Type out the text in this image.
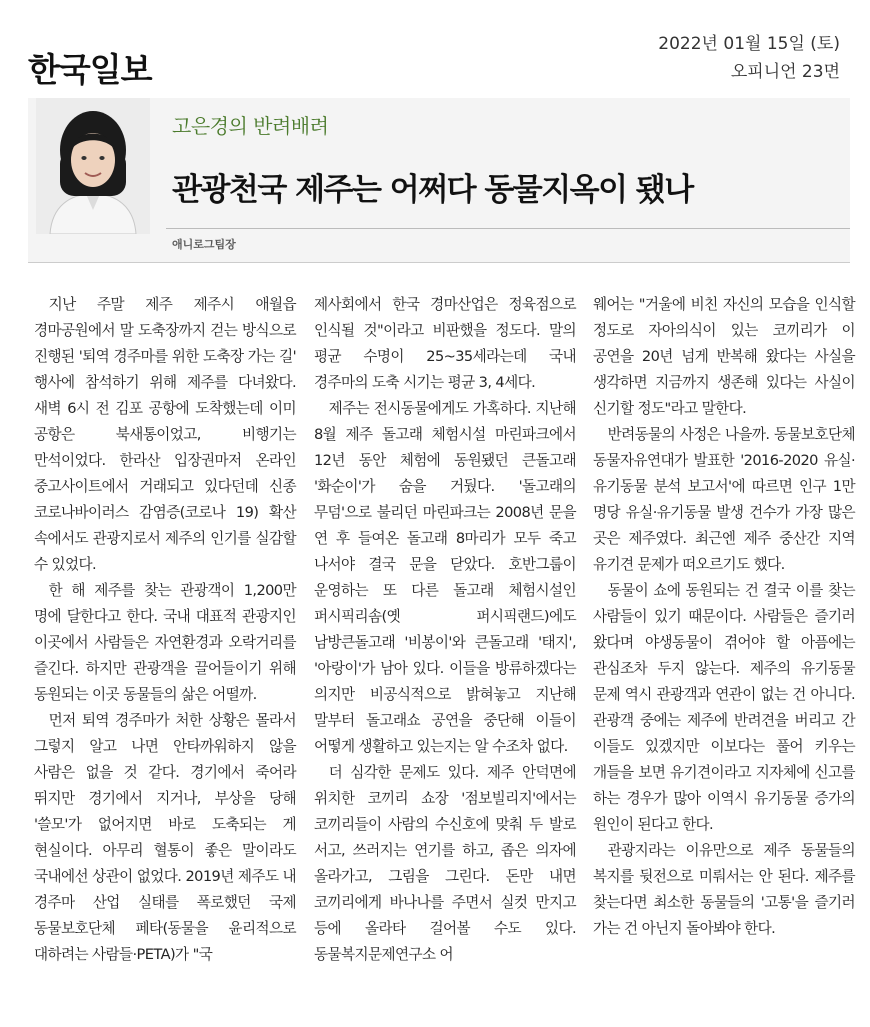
한국일보
2022년 01월 15일 (토)
오피니언 23면
고은경의 반려배려
관광천국 제주는 어쩌다 동물지옥이 됐나
애니로그팀장

지난 주말 제주 제주시 애월읍 경마공원에서 말 도축장까지 걷는 방식으로 진행된 '퇴역 경주마를 위한 도축장 가는 길' 행사에 참석하기 위해 제주를 다녀왔다. 새벽 6시 전 김포 공항에 도착했는데 이미 공항은 북새통이었고, 비행기는 만석이었다. 한라산 입장권마저 온라인 중고사이트에서 거래되고 있다던데 신종 코로나바이러스 감염증(코로나 19) 확산 속에서도 관광지로서 제주의 인기를 실감할 수 있었다.

한 해 제주를 찾는 관광객이 1,200만 명에 달한다고 한다. 국내 대표적 관광지인 이곳에서 사람들은 자연환경과 오락거리를 즐긴다. 하지만 관광객을 끌어들이기 위해 동원되는 이곳 동물들의 삶은 어떨까.

먼저 퇴역 경주마가 처한 상황은 몰라서 그렇지 알고 나면 안타까워하지 않을 사람은 없을 것 같다. 경기에서 죽어라 뛰지만 경기에서 지거나, 부상을 당해 '쓸모'가 없어지면 바로 도축되는 게 현실이다. 아무리 혈통이 좋은 말이라도 국내에선 상관이 없었다. 2019년 제주도 내 경주마 산업 실태를 폭로했던 국제 동물보호단체 페타(동물을 윤리적으로 대하려는 사람들·PETA)가 "국

제사회에서 한국 경마산업은 정육점으로 인식될 것"이라고 비판했을 정도다. 말의 평균 수명이 25~35세라는데 국내 경주마의 도축 시기는 평균 3, 4세다.

제주는 전시동물에게도 가혹하다. 지난해 8월 제주 돌고래 체험시설 마린파크에서 12년 동안 체험에 동원됐던 큰돌고래 '화순이'가 숨을 거뒀다. '돌고래의 무덤'으로 불리던 마린파크는 2008년 문을 연 후 들여온 돌고래 8마리가 모두 죽고 나서야 결국 문을 닫았다. 호반그룹이 운영하는 또 다른 돌고래 체험시설인 퍼시픽리솜(옛 퍼시픽랜드)에도 남방큰돌고래 '비봉이'와 큰돌고래 '태지', '아랑이'가 남아 있다. 이들을 방류하겠다는 의지만 비공식적으로 밝혀놓고 지난해 말부터 돌고래쇼 공연을 중단해 이들이 어떻게 생활하고 있는지는 알 수조차 없다.

더 심각한 문제도 있다. 제주 안덕면에 위치한 코끼리 쇼장 '점보빌리지'에서는 코끼리들이 사람의 수신호에 맞춰 두 발로 서고, 쓰러지는 연기를 하고, 좁은 의자에 올라가고, 그림을 그린다. 돈만 내면 코끼리에게 바나나를 주면서 실컷 만지고 등에 올라타 걸어볼 수도 있다. 동물복지문제연구소 어

웨어는 "거울에 비친 자신의 모습을 인식할 정도로 자아의식이 있는 코끼리가 이 공연을 20년 넘게 반복해 왔다는 사실을 생각하면 지금까지 생존해 있다는 사실이 신기할 정도"라고 말한다.

반려동물의 사정은 나을까. 동물보호단체 동물자유연대가 발표한 '2016-2020 유실·유기동물 분석 보고서'에 따르면 인구 1만 명당 유실·유기동물 발생 건수가 가장 많은 곳은 제주였다. 최근엔 제주 중산간 지역 유기견 문제가 떠오르기도 했다.

동물이 쇼에 동원되는 건 결국 이를 찾는 사람들이 있기 때문이다. 사람들은 즐기러 왔다며 야생동물이 겪어야 할 아픔에는 관심조차 두지 않는다. 제주의 유기동물 문제 역시 관광객과 연관이 없는 건 아니다. 관광객 중에는 제주에 반려견을 버리고 간 이들도 있겠지만 이보다는 풀어 키우는 개들을 보면 유기견이라고 지자체에 신고를 하는 경우가 많아 이역시 유기동물 증가의 원인이 된다고 한다.

관광지라는 이유만으로 제주 동물들의 복지를 뒷전으로 미뤄서는 안 된다. 제주를 찾는다면 최소한 동물들의 '고통'을 즐기러 가는 건 아닌지 돌아봐야 한다.
